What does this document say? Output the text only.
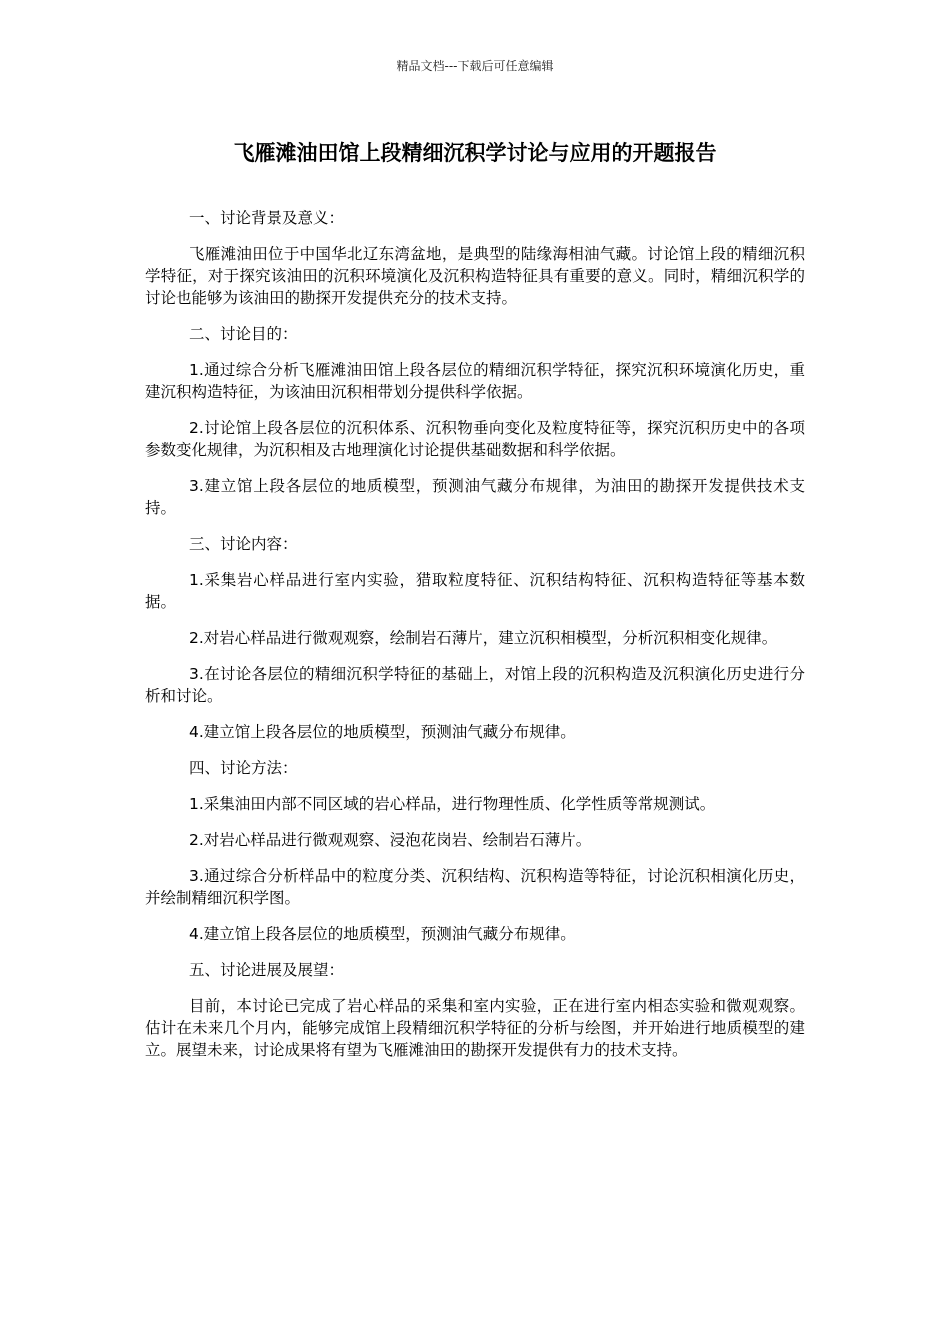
精品文档---下载后可任意编辑
飞雁滩油田馆上段精细沉积学讨论与应用的开题报告

一、讨论背景及意义：

飞雁滩油田位于中国华北辽东湾盆地，是典型的陆缘海相油气藏。讨论馆上段的精细沉积学特征，对于探究该油田的沉积环境演化及沉积构造特征具有重要的意义。同时，精细沉积学的讨论也能够为该油田的勘探开发提供充分的技术支持。

二、讨论目的：

1.通过综合分析飞雁滩油田馆上段各层位的精细沉积学特征，探究沉积环境演化历史，重建沉积构造特征，为该油田沉积相带划分提供科学依据。

2.讨论馆上段各层位的沉积体系、沉积物垂向变化及粒度特征等，探究沉积历史中的各项参数变化规律，为沉积相及古地理演化讨论提供基础数据和科学依据。

3.建立馆上段各层位的地质模型，预测油气藏分布规律，为油田的勘探开发提供技术支持。

三、讨论内容：

1.采集岩心样品进行室内实验，猎取粒度特征、沉积结构特征、沉积构造特征等基本数据。

2.对岩心样品进行微观观察，绘制岩石薄片，建立沉积相模型，分析沉积相变化规律。

3.在讨论各层位的精细沉积学特征的基础上，对馆上段的沉积构造及沉积演化历史进行分析和讨论。

4.建立馆上段各层位的地质模型，预测油气藏分布规律。

四、讨论方法：

1.采集油田内部不同区域的岩心样品，进行物理性质、化学性质等常规测试。

2.对岩心样品进行微观观察、浸泡花岗岩、绘制岩石薄片。

3.通过综合分析样品中的粒度分类、沉积结构、沉积构造等特征，讨论沉积相演化历史，并绘制精细沉积学图。

4.建立馆上段各层位的地质模型，预测油气藏分布规律。

五、讨论进展及展望：

目前，本讨论已完成了岩心样品的采集和室内实验，正在进行室内相态实验和微观观察。估计在未来几个月内，能够完成馆上段精细沉积学特征的分析与绘图，并开始进行地质模型的建立。展望未来，讨论成果将有望为飞雁滩油田的勘探开发提供有力的技术支持。
